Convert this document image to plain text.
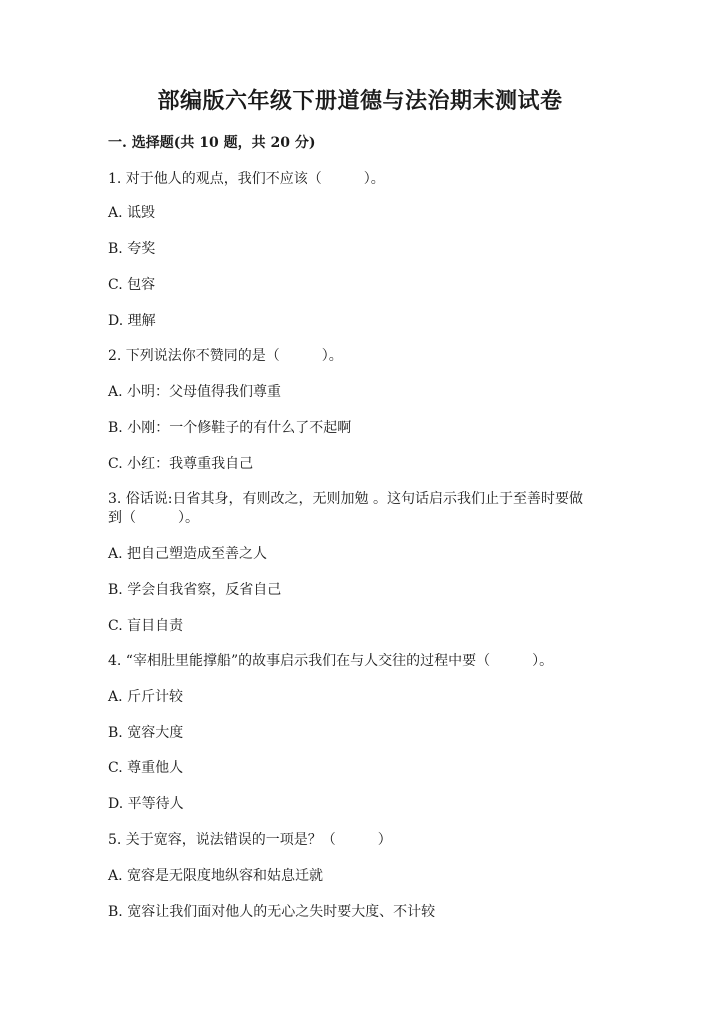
部编版六年级下册道德与法治期末测试卷
一. 选择题(共 10 题，共 20 分)
1. 对于他人的观点，我们不应该（　　　）。
A. 诋毁
B. 夸奖
C. 包容
D. 理解
2. 下列说法你不赞同的是（　　　）。
A. 小明：父母值得我们尊重
B. 小刚：一个修鞋子的有什么了不起啊
C. 小红：我尊重我自己
3. 俗话说:日省其身，有则改之，无则加勉 。这句话启示我们止于至善时要做
到（　　　）。
A. 把自己塑造成至善之人
B. 学会自我省察，反省自己
C. 盲目自责
4. “宰相肚里能撑船”的故事启示我们在与人交往的过程中要（　　　）。
A. 斤斤计较
B. 宽容大度
C. 尊重他人
D. 平等待人
5. 关于宽容，说法错误的一项是？（　　　）
A. 宽容是无限度地纵容和姑息迁就
B. 宽容让我们面对他人的无心之失时要大度、不计较
